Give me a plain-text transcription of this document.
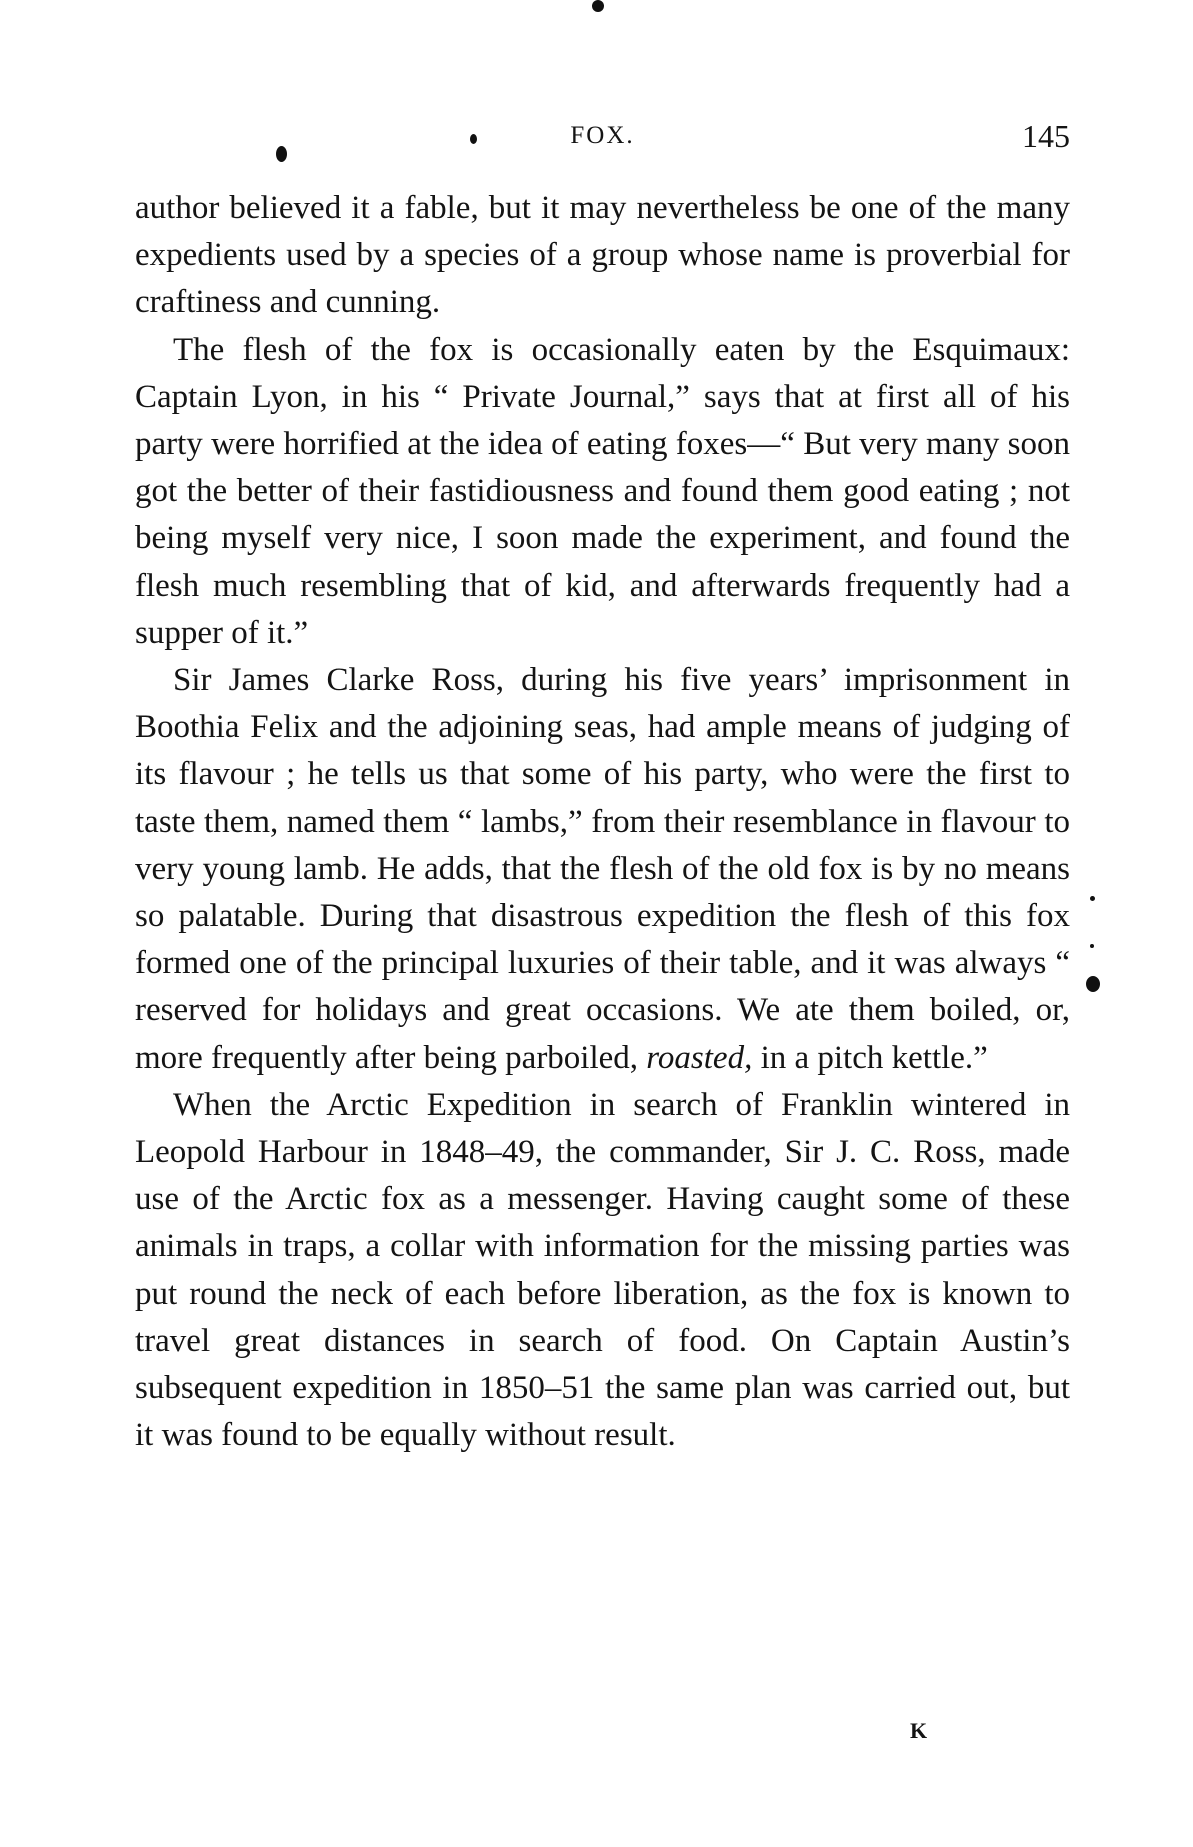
FOX.	145

author believed it a fable, but it may nevertheless be one of the many expedients used by a species of a group whose name is proverbial for craftiness and cunning.

The flesh of the fox is occasionally eaten by the Esquimaux: Captain Lyon, in his “ Private Journal,” says that at first all of his party were horrified at the idea of eating foxes—“ But very many soon got the better of their fastidiousness and found them good eating ; not being myself very nice, I soon made the experiment, and found the flesh much resembling that of kid, and afterwards frequently had a supper of it.”

Sir James Clarke Ross, during his five years’ imprisonment in Boothia Felix and the adjoining seas, had ample means of judging of its flavour ; he tells us that some of his party, who were the first to taste them, named them “ lambs,” from their resemblance in flavour to very young lamb. He adds, that the flesh of the old fox is by no means so palatable. During that disastrous expedition the flesh of this fox formed one of the principal luxuries of their table, and it was always “ reserved for holidays and great occasions. We ate them boiled, or, more frequently after being parboiled, roasted, in a pitch kettle.”

When the Arctic Expedition in search of Franklin wintered in Leopold Harbour in 1848–49, the commander, Sir J. C. Ross, made use of the Arctic fox as a messenger. Having caught some of these animals in traps, a collar with information for the missing parties was put round the neck of each before liberation, as the fox is known to travel great distances in search of food. On Captain Austin’s subsequent expedition in 1850–51 the same plan was carried out, but it was found to be equally without result.

K
